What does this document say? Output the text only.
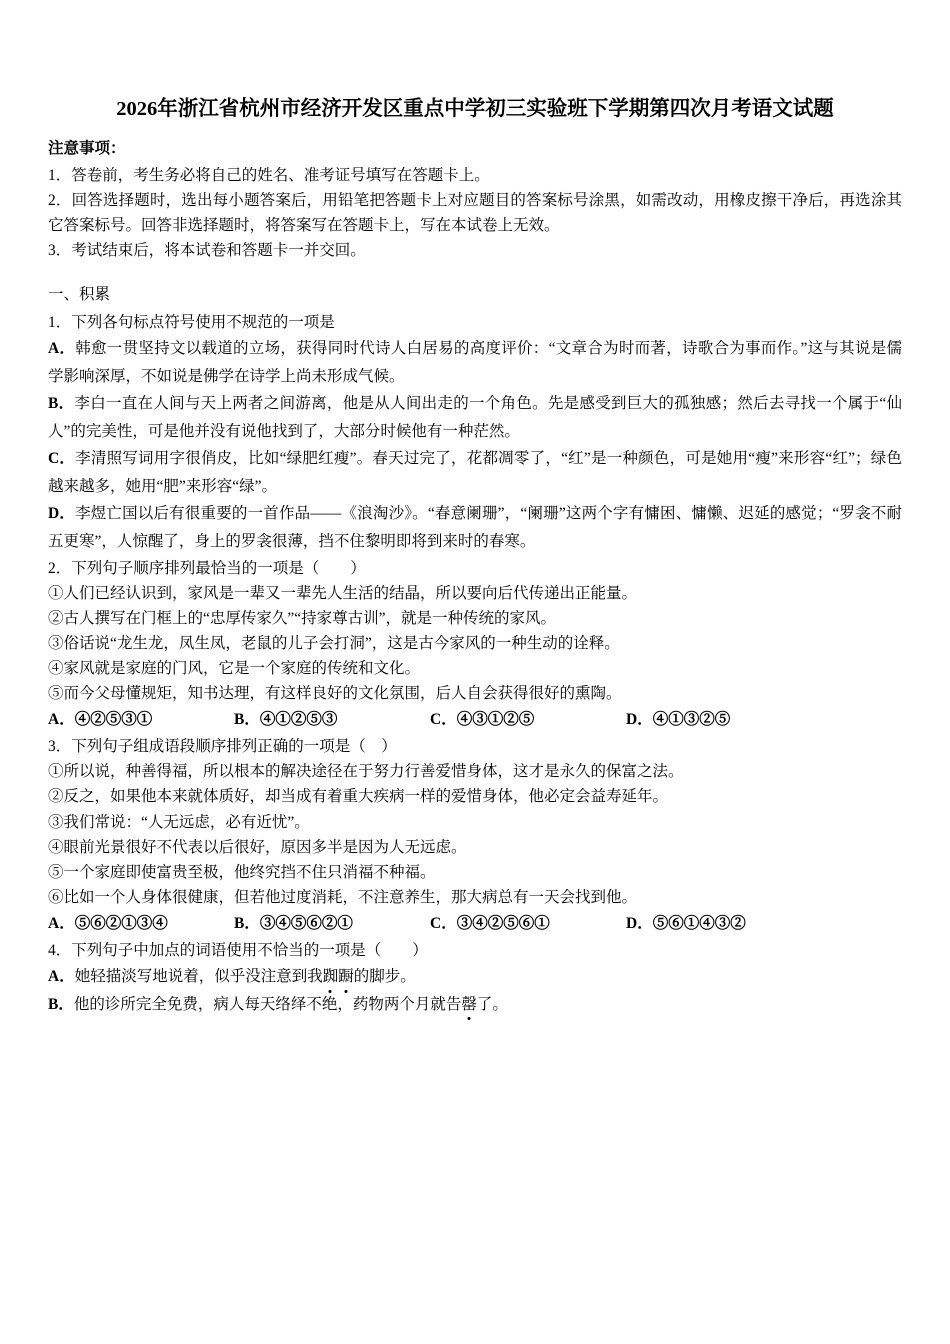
2026年浙江省杭州市经济开发区重点中学初三实验班下学期第四次月考语文试题
注意事项：

1．答卷前，考生务必将自己的姓名、准考证号填写在答题卡上。

2．回答选择题时，选出每小题答案后，用铅笔把答题卡上对应题目的答案标号涂黑，如需改动，用橡皮擦干净后，再选涂其它答案标号。回答非选择题时，将答案写在答题卡上，写在本试卷上无效。

3．考试结束后，将本试卷和答题卡一并交回。

一、积累

1．下列各句标点符号使用不规范的一项是

A．韩愈一贯坚持文以载道的立场，获得同时代诗人白居易的高度评价：“文章合为时而著，诗歌合为事而作。”这与其说是儒学影响深厚，不如说是佛学在诗学上尚未形成气候。

B．李白一直在人间与天上两者之间游离，他是从人间出走的一个角色。先是感受到巨大的孤独感；然后去寻找一个属于“仙人”的完美性，可是他并没有说他找到了，大部分时候他有一种茫然。

C．李清照写词用字很俏皮，比如“绿肥红瘦”。春天过完了，花都凋零了，“红”是一种颜色，可是她用“瘦”来形容“红”；绿色越来越多，她用“肥”来形容“绿”。

D．李煜亡国以后有很重要的一首作品——《浪淘沙》。“春意阑珊”，“阑珊”这两个字有慵困、慵懒、迟延的感觉；“罗衾不耐五更寒”，人惊醒了，身上的罗衾很薄，挡不住黎明即将到来时的春寒。

2．下列句子顺序排列最恰当的一项是（　　）

①人们已经认识到，家风是一辈又一辈先人生活的结晶，所以要向后代传递出正能量。

②古人撰写在门框上的“忠厚传家久”“持家尊古训”，就是一种传统的家风。

③俗话说“龙生龙，凤生凤，老鼠的儿子会打洞”，这是古今家风的一种生动的诠释。

④家风就是家庭的门风，它是一个家庭的传统和文化。

⑤而今父母懂规矩，知书达理，有这样良好的文化氛围，后人自会获得很好的熏陶。

A．④②⑤③①	B．④①②⑤③	C．④③①②⑤	D．④①③②⑤

3．下列句子组成语段顺序排列正确的一项是（　）

①所以说，种善得福，所以根本的解决途径在于努力行善爱惜身体，这才是永久的保富之法。

②反之，如果他本来就体质好，却当成有着重大疾病一样的爱惜身体，他必定会益寿延年。

③我们常说：“人无远虑，必有近忧”。

④眼前光景很好不代表以后很好，原因多半是因为人无远虑。

⑤一个家庭即使富贵至极，他终究挡不住只消福不种福。

⑥比如一个人身体很健康，但若他过度消耗，不注意养生，那大病总有一天会找到他。

A．⑤⑥②①③④	B．③④⑤⑥②①	C．③④②⑤⑥①	D．⑤⑥①④③②

4．下列句子中加点的词语使用不恰当的一项是（　　）

A．她轻描淡写地说着，似乎没注意到我踟蹰的脚步。

B．他的诊所完全免费，病人每天络绎不绝，药物两个月就告罄了。
